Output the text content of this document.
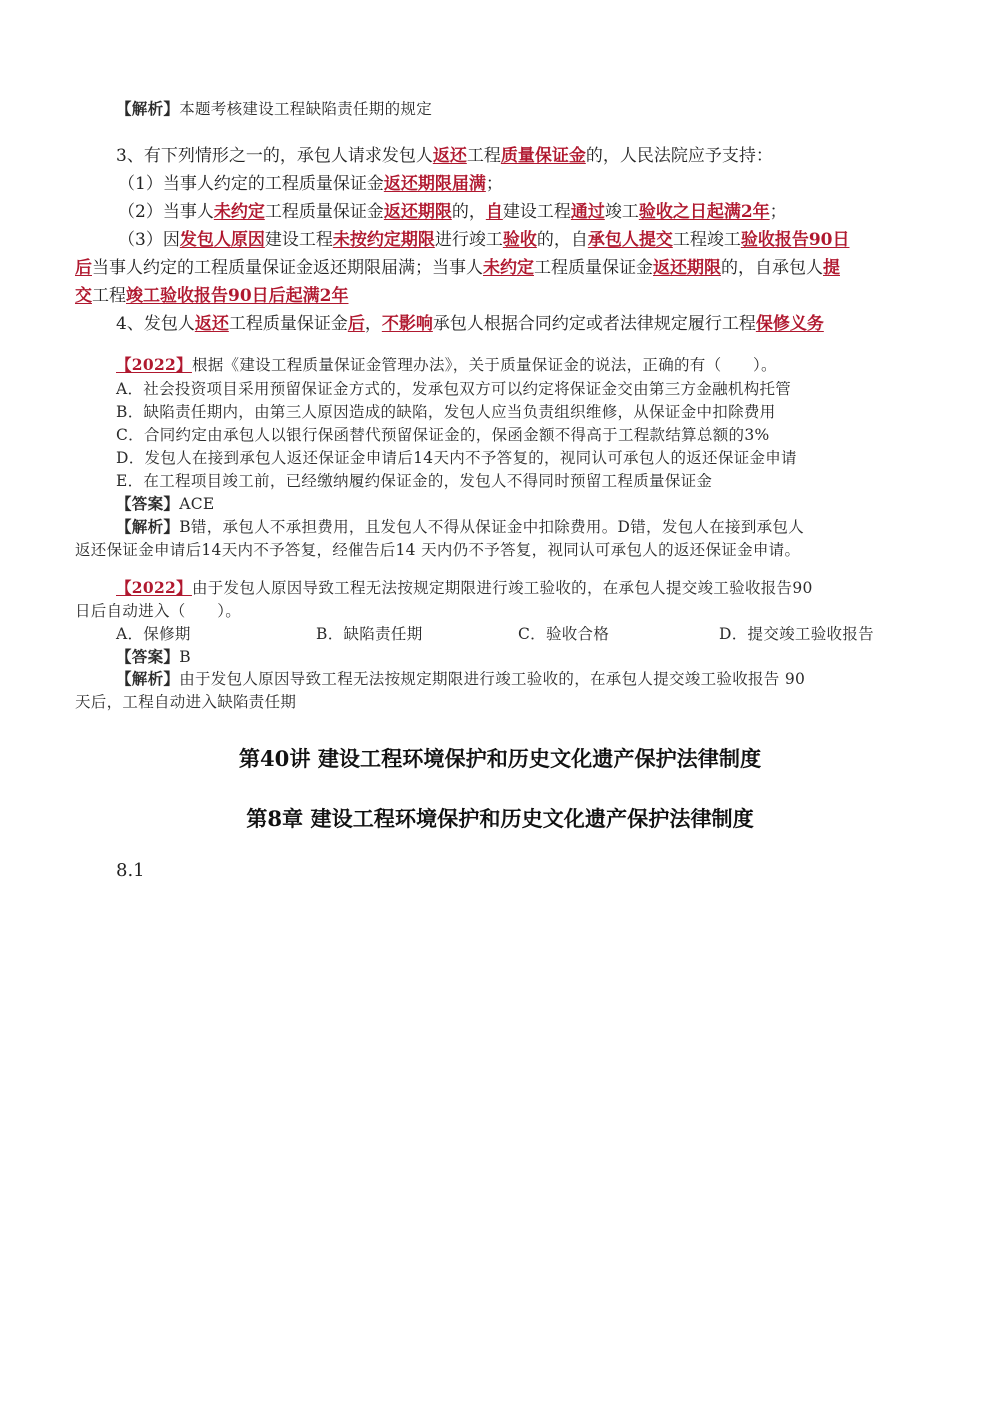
【解析】本题考核建设工程缺陷责任期的规定
3、有下列情形之一的，承包人请求发包人返还工程质量保证金的，人民法院应予支持：
（1）当事人约定的工程质量保证金返还期限届满；
（2）当事人未约定工程质量保证金返还期限的，自建设工程通过竣工验收之日起满2年；
（3）因发包人原因建设工程未按约定期限进行竣工验收的，自承包人提交工程竣工验收报告90日
后当事人约定的工程质量保证金返还期限届满；当事人未约定工程质量保证金返还期限的，自承包人提
交工程竣工验收报告90日后起满2年
4、发包人返还工程质量保证金后，不影响承包人根据合同约定或者法律规定履行工程保修义务
【2022】根据《建设工程质量保证金管理办法》，关于质量保证金的说法，正确的有（　　）。
A．社会投资项目采用预留保证金方式的，发承包双方可以约定将保证金交由第三方金融机构托管
B．缺陷责任期内，由第三人原因造成的缺陷，发包人应当负责组织维修，从保证金中扣除费用
C．合同约定由承包人以银行保函替代预留保证金的，保函金额不得高于工程款结算总额的3%
D．发包人在接到承包人返还保证金申请后14天内不予答复的，视同认可承包人的返还保证金申请
E．在工程项目竣工前，已经缴纳履约保证金的，发包人不得同时预留工程质量保证金
【答案】ACE
【解析】B错，承包人不承担费用，且发包人不得从保证金中扣除费用。D错，发包人在接到承包人
返还保证金申请后14天内不予答复，经催告后14 天内仍不予答复，视同认可承包人的返还保证金申请。
【2022】由于发包人原因导致工程无法按规定期限进行竣工验收的，在承包人提交竣工验收报告90
日后自动进入（　　）。
A．保修期	B．缺陷责任期	C．验收合格	D．提交竣工验收报告
【答案】B
【解析】由于发包人原因导致工程无法按规定期限进行竣工验收的，在承包人提交竣工验收报告 90
天后，工程自动进入缺陷责任期
第40讲 建设工程环境保护和历史文化遗产保护法律制度
第8章 建设工程环境保护和历史文化遗产保护法律制度
8.1
